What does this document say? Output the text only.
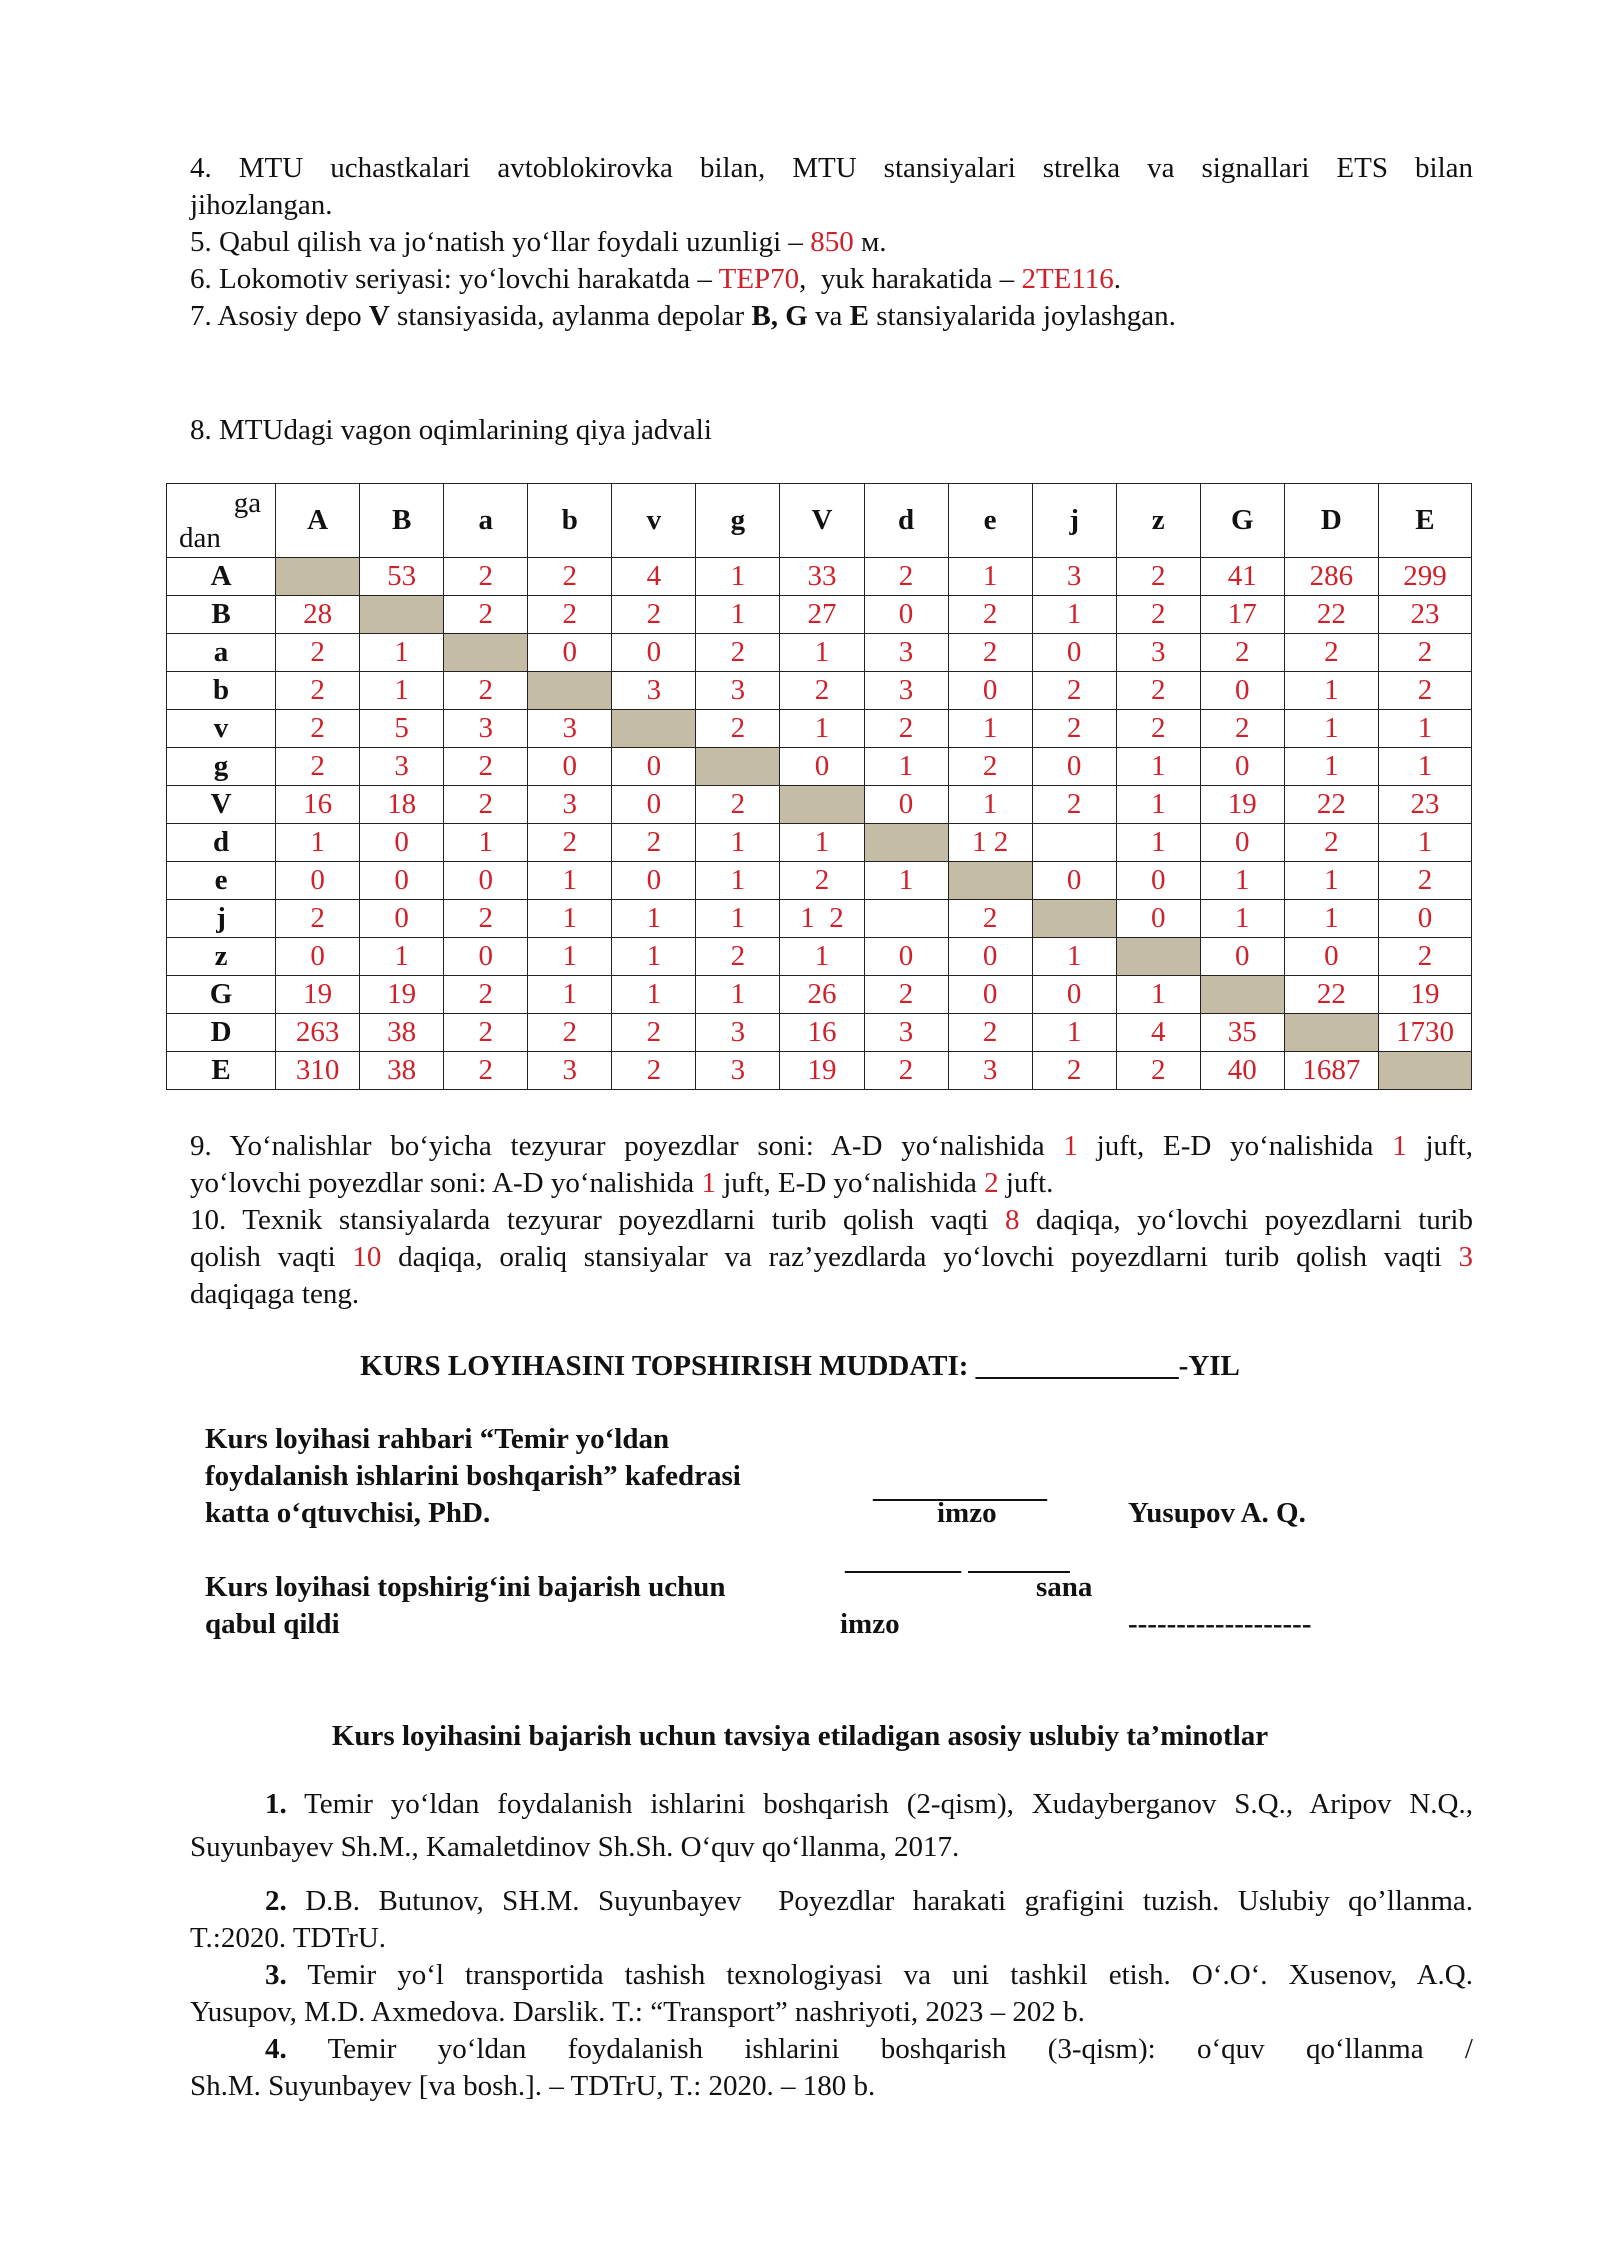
4. MTU uchastkalari avtoblokirovka bilan, MTU stansiyalari strelka va signallari ETS bilan
jihozlangan.
5. Qabul qilish va jo‘natish yo‘llar foydali uzunligi – 850 м.
6. Lokomotiv seriyasi: yo‘lovchi harakatda – TEP70,  yuk harakatida – 2TE116.
7. Asosiy depo V stansiyasida, aylanma depolar B, G va E stansiyalarida joylashgan.

8. MTUdagi vagon oqimlarining qiya jadvali

ga
dan	A	B	a	b	v	g	V	d	e	j	z	G	D	E
A		53	2	2	4	1	33	2	1	3	2	41	286	299
B	28		2	2	2	1	27	0	2	1	2	17	22	23
a	2	1		0	0	2	1	3	2	0	3	2	2	2
b	2	1	2		3	3	2	3	0	2	2	0	1	2
v	2	5	3	3		2	1	2	1	2	2	2	1	1
g	2	3	2	0	0		0	1	2	0	1	0	1	1
V	16	18	2	3	0	2		0	1	2	1	19	22	23
d	1	0	1	2	2	1	1		1 2		1	0	2	1
e	0	0	0	1	0	1	2	1		0	0	1	1	2
j	2	0	2	1	1	1	1  2		2		0	1	1	0
z	0	1	0	1	1	2	1	0	0	1		0	0	2
G	19	19	2	1	1	1	26	2	0	0	1		22	19
D	263	38	2	2	2	3	16	3	2	1	4	35		1730
E	310	38	2	3	2	3	19	2	3	2	2	40	1687	
9. Yo‘nalishlar bo‘yicha tezyurar poyezdlar soni: A-D yo‘nalishida 1 juft, E-D yo‘nalishida 1 juft,
yo‘lovchi poyezdlar soni: A-D yo‘nalishida 1 juft, E-D yo‘nalishida 2 juft.
10. Texnik stansiyalarda tezyurar poyezdlarni turib qolish vaqti 8 daqiqa, yo‘lovchi poyezdlarni turib
qolish vaqti 10 daqiqa, oraliq stansiyalar va raz’yezdlarda yo‘lovchi poyezdlarni turib qolish vaqti 3
daqiqaga teng.

KURS LOYIHASINI TOPSHIRISH MUDDATI: ______________-YIL

Kurs loyihasi rahbari “Temir yo‘ldan

foydalanish ishlarini boshqarish” kafedrasi

katta o‘qtuvchisi, PhD.

____________

imzo	Yusupov A. Q.

________ _______

sana

Kurs loyihasi topshirig‘ini bajarish uchun

qabul qildi	imzo	-------------------

Kurs loyihasini bajarish uchun tavsiya etiladigan asosiy uslubiy ta’minotlar

1. Temir yo‘ldan foydalanish ishlarini boshqarish (2-qism), Xudayberganov S.Q., Aripov N.Q.,
Suyunbayev Sh.M., Kamaletdinov Sh.Sh. O‘quv qo‘llanma, 2017.
2. D.B. Butunov, SH.M. Suyunbayev  Poyezdlar harakati grafigini tuzish. Uslubiy qo’llanma.
T.:2020. TDTrU.
3. Temir yo‘l transportida tashish texnologiyasi va uni tashkil etish. O‘.O‘. Xusenov, A.Q.
Yusupov, M.D. Axmedova. Darslik. T.: “Transport” nashriyoti, 2023 – 202 b.
4. Temir yo‘ldan foydalanish ishlarini boshqarish (3-qism): o‘quv qo‘llanma /
Sh.M. Suyunbayev [va bosh.]. – TDTrU, T.: 2020. – 180 b.
